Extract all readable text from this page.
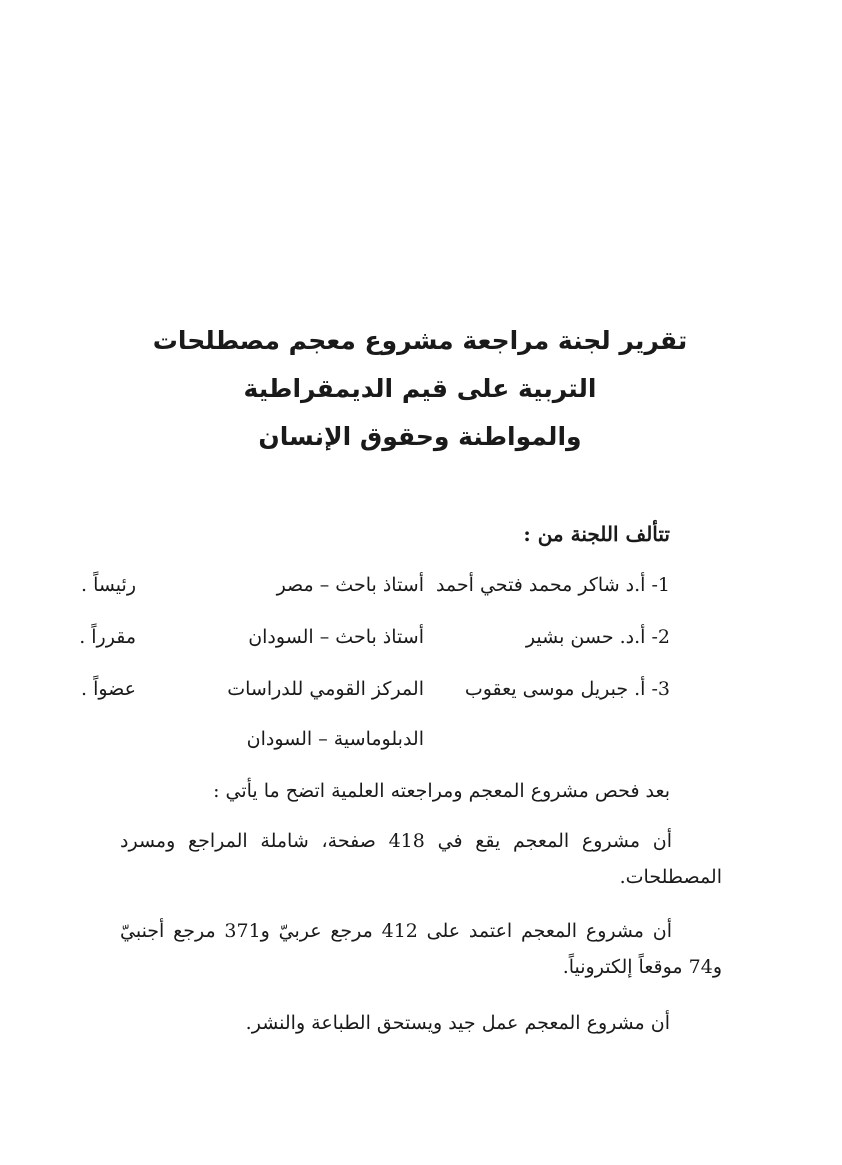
تقرير لجنة مراجعة مشروع معجم مصطلحات
التربية على قيم الديمقراطية
والمواطنة وحقوق الإنسان
تتألف اللجنة من :
1- أ.د شاكر محمد فتحي أحمد
أستاذ باحث – مصر
رئيساً .
2- أ.د. حسن بشير
أستاذ باحث – السودان
مقرراً .
3- أ. جبريل موسى يعقوب
المركز القومي للدراسات
عضواً .
الدبلوماسية – السودان
بعد فحص مشروع المعجم ومراجعته العلمية اتضح ما يأتي :
أن مشروع المعجم يقع في 418 صفحة، شاملة المراجع ومسرد المصطلحات.
أن مشروع المعجم اعتمد على 412 مرجع عربيّ و371 مرجع أجنبيّ و74 موقعاً إلكترونياً.
أن مشروع المعجم عمل جيد ويستحق الطباعة والنشر.
